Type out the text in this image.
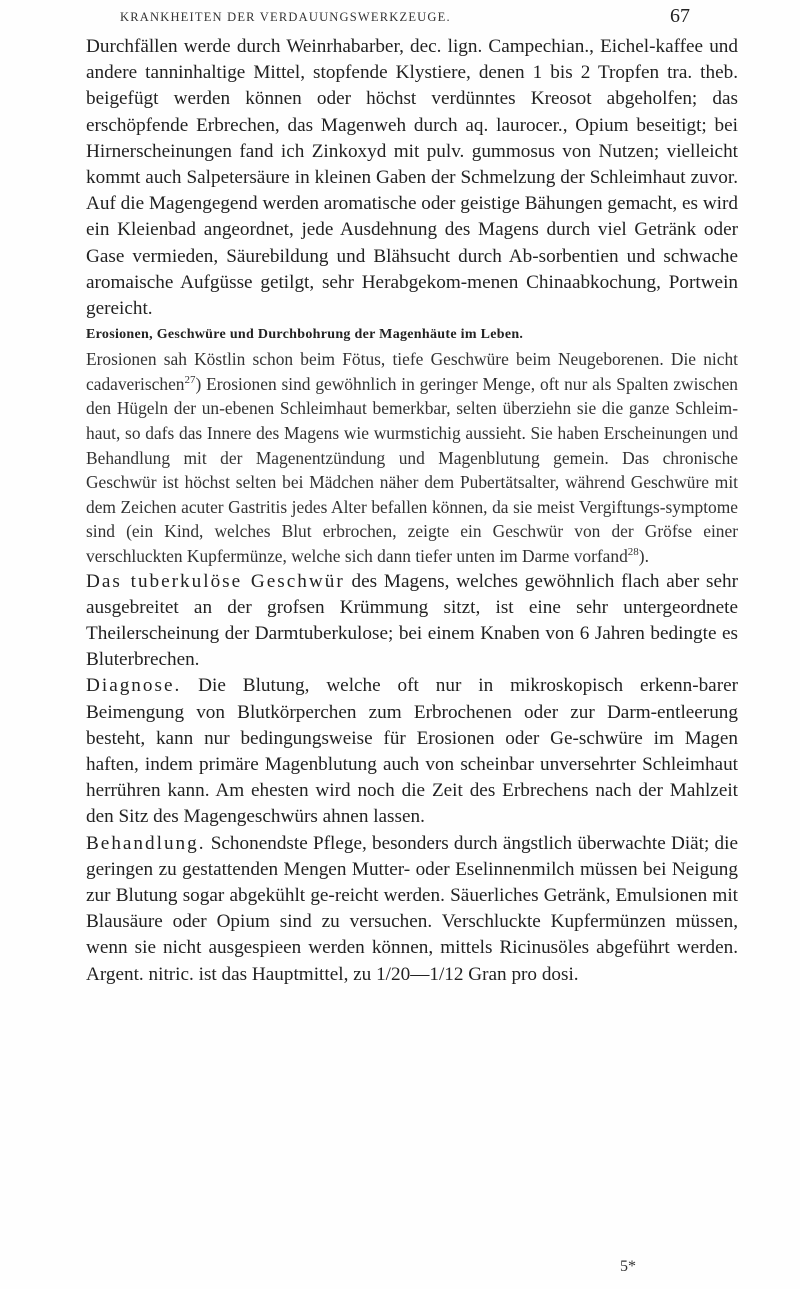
KRANKHEITEN DER VERDAUUNGSWERKZEUGE.	67

Durchfällen werde durch Weinrhabarber, dec. lign. Campechian., Eichel-kaffee und andere tanninhaltige Mittel, stopfende Klystiere, denen 1 bis 2 Tropfen tra. theb. beigefügt werden können oder höchst verdünntes Kreosot abgeholfen; das erschöpfende Erbrechen, das Magenweh durch aq. laurocer., Opium beseitigt; bei Hirnerscheinungen fand ich Zinkoxyd mit pulv. gummosus von Nutzen; vielleicht kommt auch Salpetersäure in kleinen Gaben der Schmelzung der Schleimhaut zuvor. Auf die Magengegend werden aromatische oder geistige Bähungen gemacht, es wird ein Kleienbad angeordnet, jede Ausdehnung des Magens durch viel Getränk oder Gase vermieden, Säurebildung und Blähsucht durch Ab-sorbentien und schwache aromaische Aufgüsse getilgt, sehr Herabgekom-menen Chinaabkochung, Portwein gereicht.

Erosionen, Geschwüre und Durchbohrung der Magenhäute im Leben.

Erosionen sah Köstlin schon beim Fötus, tiefe Geschwüre beim Neugeborenen. Die nicht cadaverischen$^{27}$) Erosionen sind gewöhnlich in geringer Menge, oft nur als Spalten zwischen den Hügeln der un-ebenen Schleimhaut bemerkbar, selten überziehn sie die ganze Schleim-haut, so dafs das Innere des Magens wie wurmstichig aussieht. Sie haben Erscheinungen und Behandlung mit der Magenentzündung und Magenblutung gemein. Das chronische Geschwür ist höchst selten bei Mädchen näher dem Pubertätsalter, während Geschwüre mit dem Zeichen acuter Gastritis jedes Alter befallen können, da sie meist Vergiftungs-symptome sind (ein Kind, welches Blut erbrochen, zeigte ein Geschwür von der Gröfse einer verschluckten Kupfermünze, welche sich dann tiefer unten im Darme vorfand$^{28}$).

Das tuberkulöse Geschwür des Magens, welches gewöhnlich flach aber sehr ausgebreitet an der grofsen Krümmung sitzt, ist eine sehr untergeordnete Theilerscheinung der Darmtuberkulose; bei einem Knaben von 6 Jahren bedingte es Bluterbrechen.

Diagnose. Die Blutung, welche oft nur in mikroskopisch erkenn-barer Beimengung von Blutkörperchen zum Erbrochenen oder zur Darm-entleerung besteht, kann nur bedingungsweise für Erosionen oder Ge-schwüre im Magen haften, indem primäre Magenblutung auch von scheinbar unversehrter Schleimhaut herrühren kann. Am ehesten wird noch die Zeit des Erbrechens nach der Mahlzeit den Sitz des Magengeschwürs ahnen lassen.

Behandlung. Schonendste Pflege, besonders durch ängstlich überwachte Diät; die geringen zu gestattenden Mengen Mutter- oder Eselinnenmilch müssen bei Neigung zur Blutung sogar abgekühlt ge-reicht werden. Säuerliches Getränk, Emulsionen mit Blausäure oder Opium sind zu versuchen. Verschluckte Kupfermünzen müssen, wenn sie nicht ausgespieen werden können, mittels Ricinusöles abgeführt werden. Argent. nitric. ist das Hauptmittel, zu 1/20—1/12 Gran pro dosi.

5*
